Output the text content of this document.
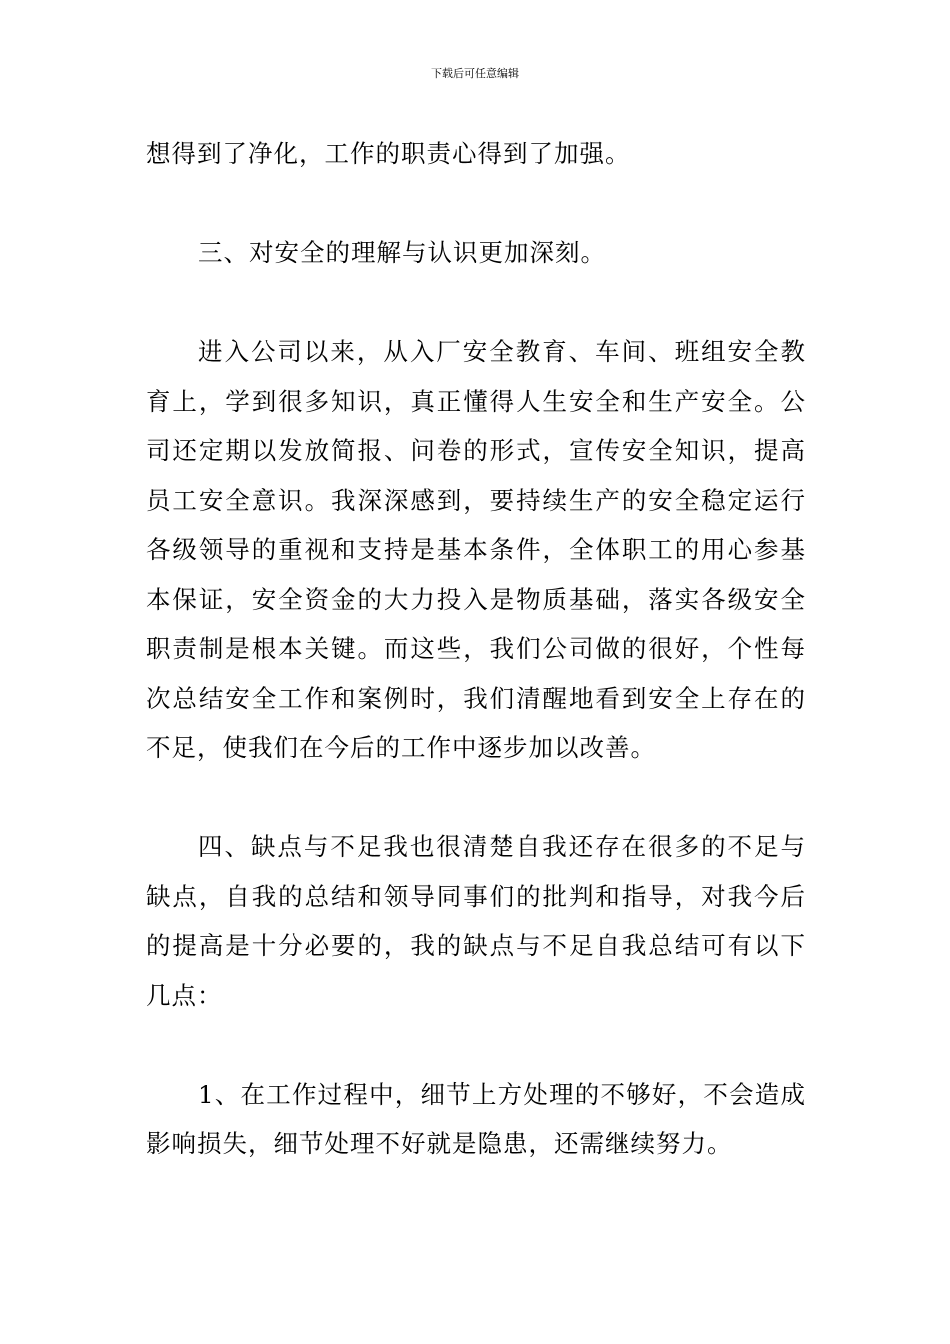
下载后可任意编辑

想得到了净化，工作的职责心得到了加强。

三、对安全的理解与认识更加深刻。

进入公司以来，从入厂安全教育、车间、班组安全教育上，学到很多知识，真正懂得人生安全和生产安全。公司还定期以发放简报、问卷的形式，宣传安全知识，提高员工安全意识。我深深感到，要持续生产的安全稳定运行各级领导的重视和支持是基本条件，全体职工的用心参基本保证，安全资金的大力投入是物质基础，落实各级安全职责制是根本关键。而这些，我们公司做的很好，个性每次总结安全工作和案例时，我们清醒地看到安全上存在的不足，使我们在今后的工作中逐步加以改善。

四、缺点与不足我也很清楚自我还存在很多的不足与缺点，自我的总结和领导同事们的批判和指导，对我今后的提高是十分必要的，我的缺点与不足自我总结可有以下几点：

1、在工作过程中，细节上方处理的不够好，不会造成影响损失，细节处理不好就是隐患，还需继续努力。
